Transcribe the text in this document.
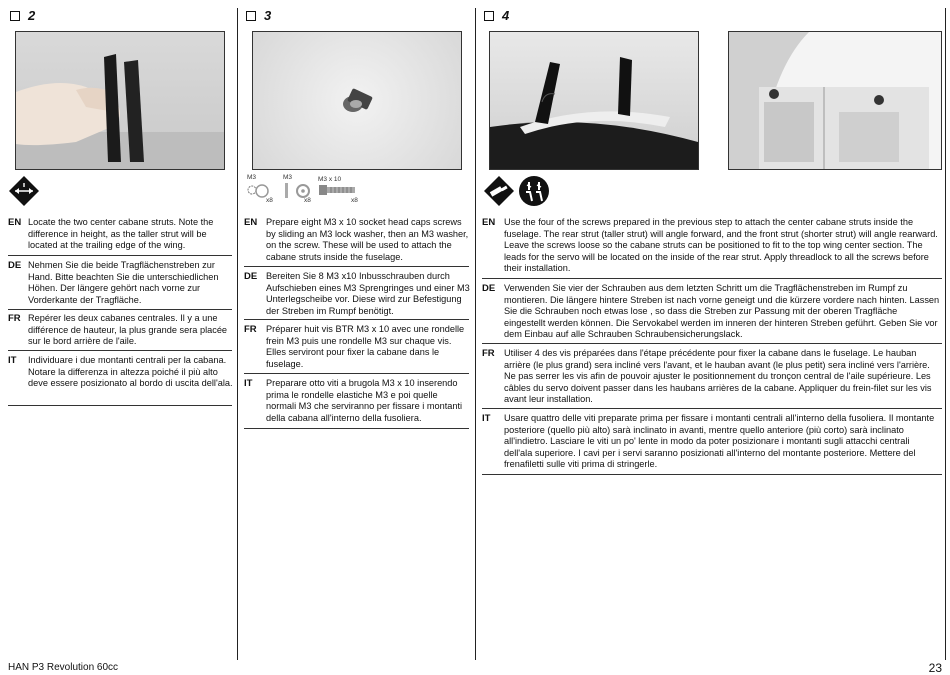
2
EN Locate the two center cabane struts. Note the difference in height, as the taller strut will be located at the trailing edge of the wing.
DE Nehmen Sie die beide Tragflächenstreben zur Hand. Bitte beachten Sie die unterschiedlichen Höhen. Der längere gehört nach vorne zur Vorderkante der Tragfläche.
FR Repérer les deux cabanes centrales. Il y a une différence de hauteur, la plus grande sera placée sur le bord arrière de l'aile.
IT Individuare i due montanti centrali per la cabana. Notare la differenza in altezza poiché il più alto deve essere posizionato al bordo di uscita dell'ala.
3
M3
x8
M3
x8
M3 x 10
x8
EN Prepare eight M3 x 10 socket head caps screws by sliding an M3 lock washer, then an M3 washer, on the screw. These will be used to attach the cabane struts inside the fuselage.
DE Bereiten Sie 8 M3 x10 Inbusschrauben durch Aufschieben eines M3 Sprengringes und einer M3 Unterlegscheibe vor. Diese wird zur Befestigung der Streben im Rumpf benötigt.
FR Préparer huit vis BTR M3 x 10 avec une rondelle frein M3 puis une rondelle M3 sur chaque vis. Elles serviront pour fixer la cabane dans le fuselage.
IT Preparare otto viti a brugola M3 x 10 inserendo prima le rondelle elastiche M3 e poi quelle normali M3 che serviranno per fissare i montanti della cabana all'interno della fusoliera.
4
EN Use the four of the screws prepared in the previous step to attach the center cabane struts inside the fuselage. The rear strut (taller strut) will angle forward, and the front strut (shorter strut) will angle rearward. Leave the screws loose so the cabane struts can be positioned to fit to the top wing center section. The leads for the servo will be located on the inside of the rear strut. Apply threadlock to all the screws before their installation.
DE Verwenden Sie vier der Schrauben aus dem letzten Schritt um die Tragflächenstreben im Rumpf zu montieren. Die längere hintere Streben ist nach vorne geneigt und die kürzere vordere nach hinten. Lassen Sie die Schrauben noch etwas lose , so dass die Streben zur Passung mit der oberen Tragfläche eingestellt werden können. Die Servokabel werden im inneren der hinteren Streben geführt. Geben Sie vor dem Einbau auf alle Schrauben Schraubensicherungslack.
FR Utiliser 4 des vis préparées dans l'étape précédente pour fixer la cabane dans le fuselage. Le hauban arrière (le plus grand) sera incliné vers l'avant, et le hauban avant (le plus petit) sera incliné vers l'arrière. Ne pas serrer les vis afin de pouvoir ajuster le positionnement du tronçon central de l'aile supérieure. Les câbles du servo doivent passer dans les haubans arrières de la cabane. Appliquer du frein-filet sur les vis avant leur installation.
IT Usare quattro delle viti preparate prima per fissare i montanti centrali all'interno della fusoliera. Il montante posteriore (quello più alto) sarà inclinato in avanti, mentre quello anteriore (più corto) sarà inclinato all'indietro. Lasciare le viti un po' lente in modo da poter posizionare i montanti sugli attacchi centrali dell'ala superiore. I cavi per i servi saranno posizionati all'interno del montante posteriore. Mettere del frenafiletti sulle viti prima di stringerle.
HAN P3 Revolution 60cc	23
